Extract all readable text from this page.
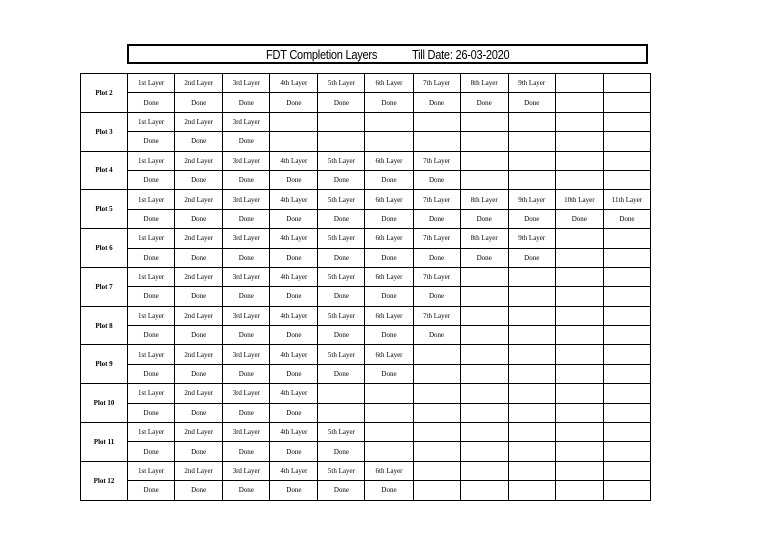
FDT Completion Layers	Till Date: 26-03-2020
Plot 2	1st Layer	2nd Layer	3rd Layer	4th Layer	5th Layer	6th Layer	7th Layer	8th Layer	9th Layer		
	Done	Done	Done	Done	Done	Done	Done	Done	Done		
Plot 3	1st Layer	2nd Layer	3rd Layer								
	Done	Done	Done								
Plot 4	1st Layer	2nd Layer	3rd Layer	4th Layer	5th Layer	6th Layer	7th Layer				
	Done	Done	Done	Done	Done	Done	Done				
Plot 5	1st Layer	2nd Layer	3rd Layer	4th Layer	5th Layer	6th Layer	7th Layer	8th Layer	9th Layer	10th Layer	11th Layer
	Done	Done	Done	Done	Done	Done	Done	Done	Done	Done	Done
Plot 6	1st Layer	2nd Layer	3rd Layer	4th Layer	5th Layer	6th Layer	7th Layer	8th Layer	9th Layer		
	Done	Done	Done	Done	Done	Done	Done	Done	Done		
Plot 7	1st Layer	2nd Layer	3rd Layer	4th Layer	5th Layer	6th Layer	7th Layer				
	Done	Done	Done	Done	Done	Done	Done				
Plot 8	1st Layer	2nd Layer	3rd Layer	4th Layer	5th Layer	6th Layer	7th Layer				
	Done	Done	Done	Done	Done	Done	Done				
Plot 9	1st Layer	2nd Layer	3rd Layer	4th Layer	5th Layer	6th Layer					
	Done	Done	Done	Done	Done	Done					
Plot 10	1st Layer	2nd Layer	3rd Layer	4th Layer							
	Done	Done	Done	Done							
Plot 11	1st Layer	2nd Layer	3rd Layer	4th Layer	5th Layer						
	Done	Done	Done	Done	Done						
Plot 12	1st Layer	2nd Layer	3rd Layer	4th Layer	5th Layer	6th Layer					
	Done	Done	Done	Done	Done	Done					
